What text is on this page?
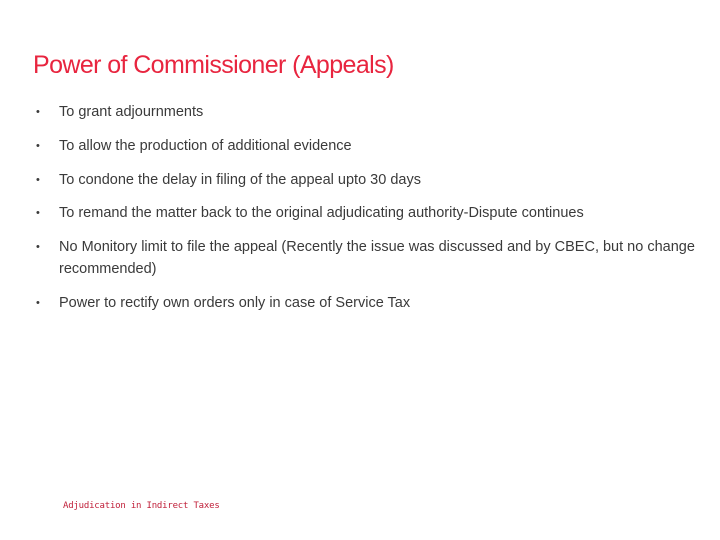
Power of Commissioner (Appeals)
•	To grant adjournments
•	To allow the production of additional evidence
•	To condone the delay in filing of the appeal upto 30 days
•	To remand the matter back to the original adjudicating authority-Dispute continues
•	No Monitory limit to file the appeal (Recently the issue was discussed and by CBEC, but no change recommended)
•	Power to rectify own orders only in case of Service Tax
Adjudication in Indirect Taxes
